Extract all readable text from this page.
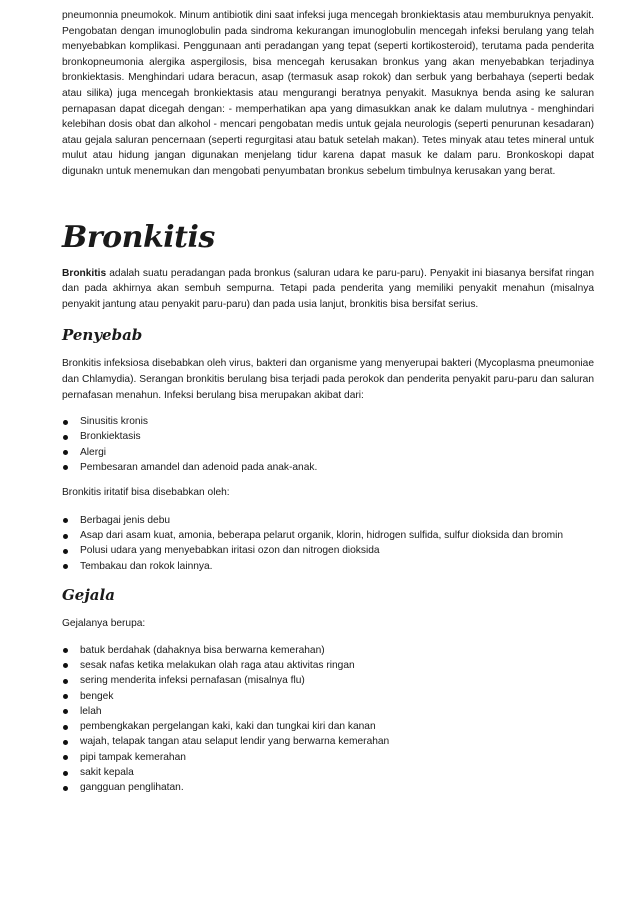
pneumonnia pneumokok. Minum antibiotik dini saat infeksi juga mencegah bronkiektasis atau memburuknya penyakit. Pengobatan dengan imunoglobulin pada sindroma kekurangan imunoglobulin mencegah infeksi berulang yang telah menyebabkan komplikasi. Penggunaan anti peradangan yang tepat (seperti kortikosteroid), terutama pada penderita bronkopneumonia alergika aspergilosis, bisa mencegah kerusakan bronkus yang akan menyebabkan terjadinya bronkiektasis. Menghindari udara beracun, asap (termasuk asap rokok) dan serbuk yang berbahaya (seperti bedak atau silika) juga mencegah bronkiektasis atau mengurangi beratnya penyakit. Masuknya benda asing ke saluran pernapasan dapat dicegah dengan: - memperhatikan apa yang dimasukkan anak ke dalam mulutnya - menghindari kelebihan dosis obat dan alkohol - mencari pengobatan medis untuk gejala neurologis (seperti penurunan kesadaran) atau gejala saluran pencernaan (seperti regurgitasi atau batuk setelah makan). Tetes minyak atau tetes mineral untuk mulut atau hidung jangan digunakan menjelang tidur karena dapat masuk ke dalam paru. Bronkoskopi dapat digunakn untuk menemukan dan mengobati penyumbatan bronkus sebelum timbulnya kerusakan yang berat.

Bronkitis

Bronkitis adalah suatu peradangan pada bronkus (saluran udara ke paru-paru). Penyakit ini biasanya bersifat ringan dan pada akhirnya akan sembuh sempurna. Tetapi pada penderita yang memiliki penyakit menahun (misalnya penyakit jantung atau penyakit paru-paru) dan pada usia lanjut, bronkitis bisa bersifat serius.

Penyebab

Bronkitis infeksiosa disebabkan oleh virus, bakteri dan organisme yang menyerupai bakteri (Mycoplasma pneumoniae dan Chlamydia). Serangan bronkitis berulang bisa terjadi pada perokok dan penderita penyakit paru-paru dan saluran pernafasan menahun. Infeksi berulang bisa merupakan akibat dari:

Sinusitis kronis
Bronkiektasis
Alergi
Pembesaran amandel dan adenoid pada anak-anak.

Bronkitis iritatif bisa disebabkan oleh:

Berbagai jenis debu
Asap dari asam kuat, amonia, beberapa pelarut organik, klorin, hidrogen sulfida, sulfur dioksida dan bromin
Polusi udara yang menyebabkan iritasi ozon dan nitrogen dioksida
Tembakau dan rokok lainnya.
Gejala

Gejalanya berupa:

batuk berdahak (dahaknya bisa berwarna kemerahan)
sesak nafas ketika melakukan olah raga atau aktivitas ringan
sering menderita infeksi pernafasan (misalnya flu)
bengek
lelah
pembengkakan pergelangan kaki, kaki dan tungkai kiri dan kanan
wajah, telapak tangan atau selaput lendir yang berwarna kemerahan
pipi tampak kemerahan
sakit kepala
gangguan penglihatan.
